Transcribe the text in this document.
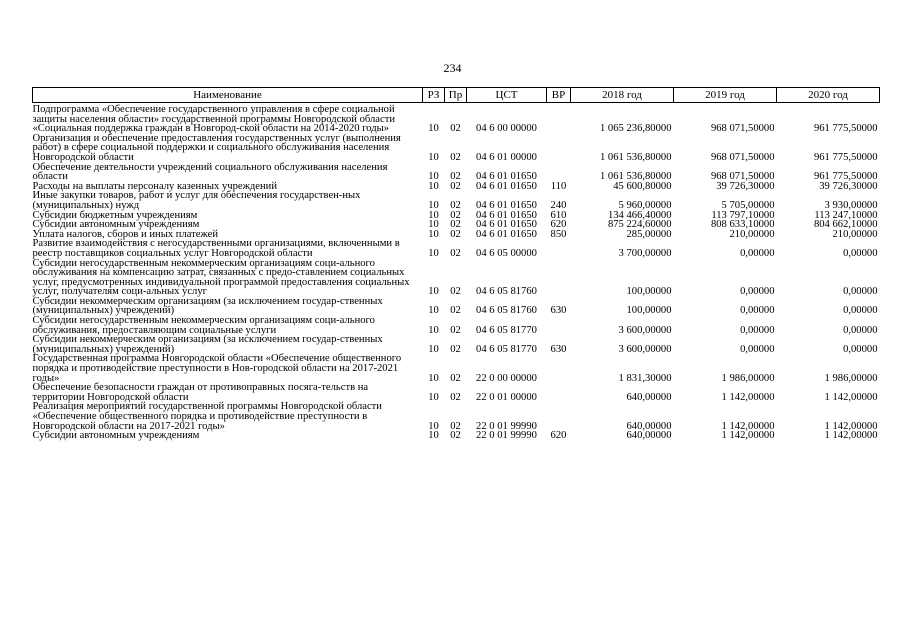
234
Наименование	РЗ	Пр	ЦСТ	ВР	2018 год	2019 год	2020 год
Подпрограмма «Обеспечение государственного управления в сфере социальной защиты населения области» государственной программы Новгородской области «Социальная поддержка граждан в Новгород-ской области на 2014-2020 годы»	10	02	04 6 00 00000		1 065 236,80000	968 071,50000	961 775,50000
Организация и обеспечение предоставления государственных услуг (выполнения работ) в сфере социальной поддержки и социального обслуживания населения Новгородской области	10	02	04 6 01 00000		1 061 536,80000	968 071,50000	961 775,50000
Обеспечение деятельности учреждений социального обслуживания населения области	10	02	04 6 01 01650		1 061 536,80000	968 071,50000	961 775,50000
Расходы на выплаты персоналу казенных учреждений	10	02	04 6 01 01650	110	45 600,80000	39 726,30000	39 726,30000
Иные закупки товаров, работ и услуг для обеспечения государствен-ных (муниципальных) нужд	10	02	04 6 01 01650	240	5 960,00000	5 705,00000	3 930,00000
Субсидии бюджетным учреждениям	10	02	04 6 01 01650	610	134 466,40000	113 797,10000	113 247,10000
Субсидии автономным учреждениям	10	02	04 6 01 01650	620	875 224,60000	808 633,10000	804 662,10000
Уплата налогов, сборов и иных платежей	10	02	04 6 01 01650	850	285,00000	210,00000	210,00000
Развитие взаимодействия с негосударственными организациями, включенными в реестр поставщиков социальных услуг Новгородской области	10	02	04 6 05 00000		3 700,00000	0,00000	0,00000
Субсидии негосударственным некоммерческим организациям соци-ального обслуживания на компенсацию затрат, связанных с предо-ставлением социальных услуг, предусмотренных индивидуальной программой предоставления социальных услуг, получателям соци-альных услуг	10	02	04 6 05 81760		100,00000	0,00000	0,00000
Субсидии некоммерческим организациям (за исключением государ-ственных (муниципальных) учреждений)	10	02	04 6 05 81760	630	100,00000	0,00000	0,00000
Субсидии негосударственным некоммерческим организациям соци-ального обслуживания, предоставляющим социальные услуги	10	02	04 6 05 81770		3 600,00000	0,00000	0,00000
Субсидии некоммерческим организациям (за исключением государ-ственных (муниципальных) учреждений)	10	02	04 6 05 81770	630	3 600,00000	0,00000	0,00000
Государственная программа Новгородской области «Обеспечение общественного порядка и противодействие преступности в Нов-городской области на 2017-2021 годы»	10	02	22 0 00 00000		1 831,30000	1 986,00000	1 986,00000
Обеспечение безопасности граждан от противоправных посяга-тельств на территории Новгородской области	10	02	22 0 01 00000		640,00000	1 142,00000	1 142,00000
Реализация мероприятий государственной программы Новгородской области «Обеспечение общественного порядка и противодействие преступности в Новгородской области на 2017-2021 годы»	10	02	22 0 01 99990		640,00000	1 142,00000	1 142,00000
Субсидии автономным учреждениям	10	02	22 0 01 99990	620	640,00000	1 142,00000	1 142,00000
